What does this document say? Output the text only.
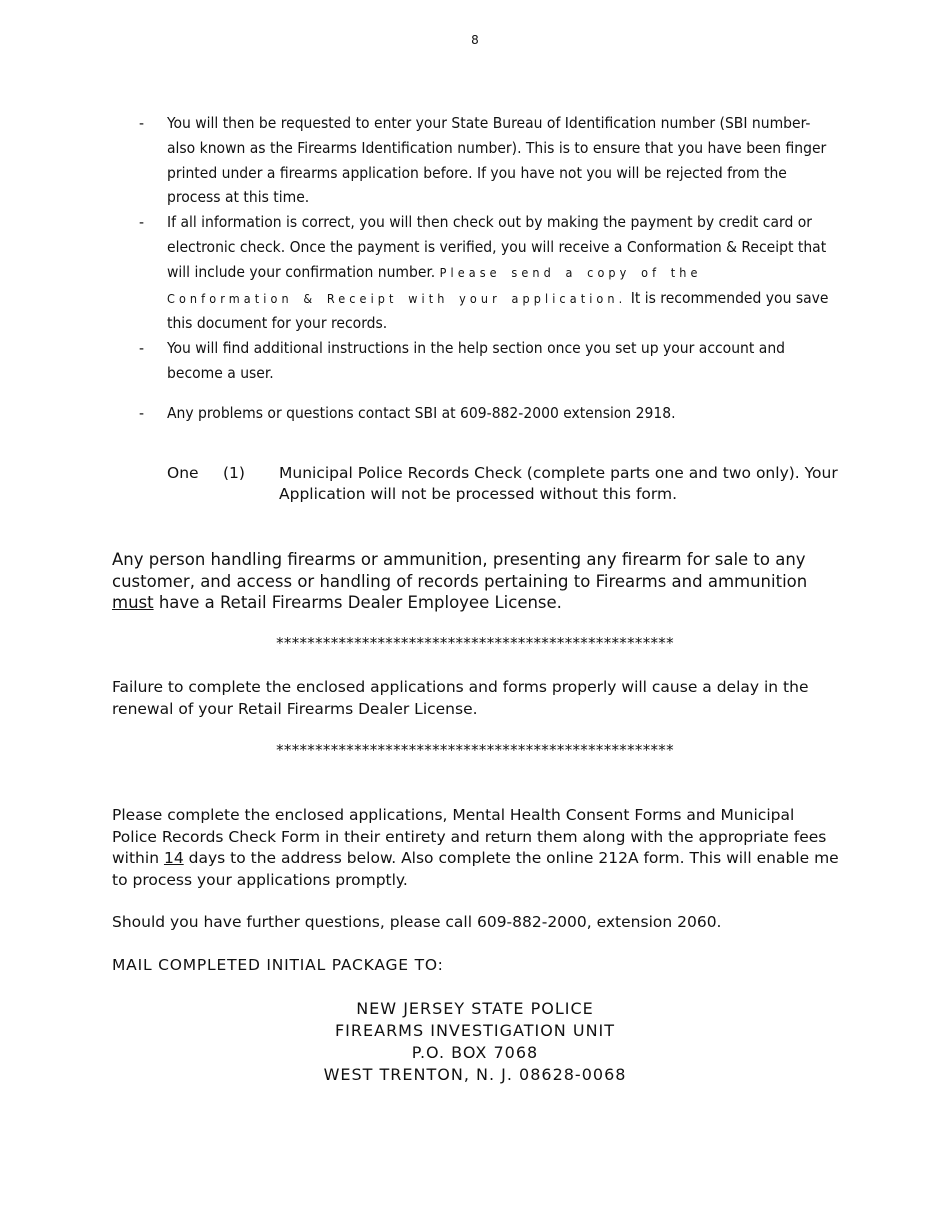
8
- You will then be requested to enter your State Bureau of Identification number (SBI number- also known as the Firearms Identification number). This is to ensure that you have been finger printed under a firearms application before. If you have not you will be rejected from the process at this time.
- If all information is correct, you will then check out by making the payment by credit card or electronic check. Once the payment is verified, you will receive a Conformation & Receipt that will include your confirmation number. Please send a copy of the Conformation & Receipt with your application. It is recommended you save this document for your records.
- You will find additional instructions in the help section once you set up your account and become a user.
- Any problems or questions contact SBI at 609-882-2000 extension 2918.
One (1) Municipal Police Records Check (complete parts one and two only). Your Application will not be processed without this form.
Any person handling firearms or ammunition, presenting any firearm for sale to any customer, and access or handling of records pertaining to Firearms and ammunition must have a Retail Firearms Dealer Employee License.
***************************************************
Failure to complete the enclosed applications and forms properly will cause a delay in the renewal of your Retail Firearms Dealer License.
***************************************************
Please complete the enclosed applications, Mental Health Consent Forms and Municipal Police Records Check Form in their entirety and return them along with the appropriate fees within 14 days to the address below. Also complete the online 212A form. This will enable me to process your applications promptly.
Should you have further questions, please call 609-882-2000, extension 2060.
MAIL COMPLETED INITIAL PACKAGE TO:
NEW JERSEY STATE POLICE
FIREARMS INVESTIGATION UNIT
P.O. BOX 7068
WEST TRENTON, N. J. 08628-0068
